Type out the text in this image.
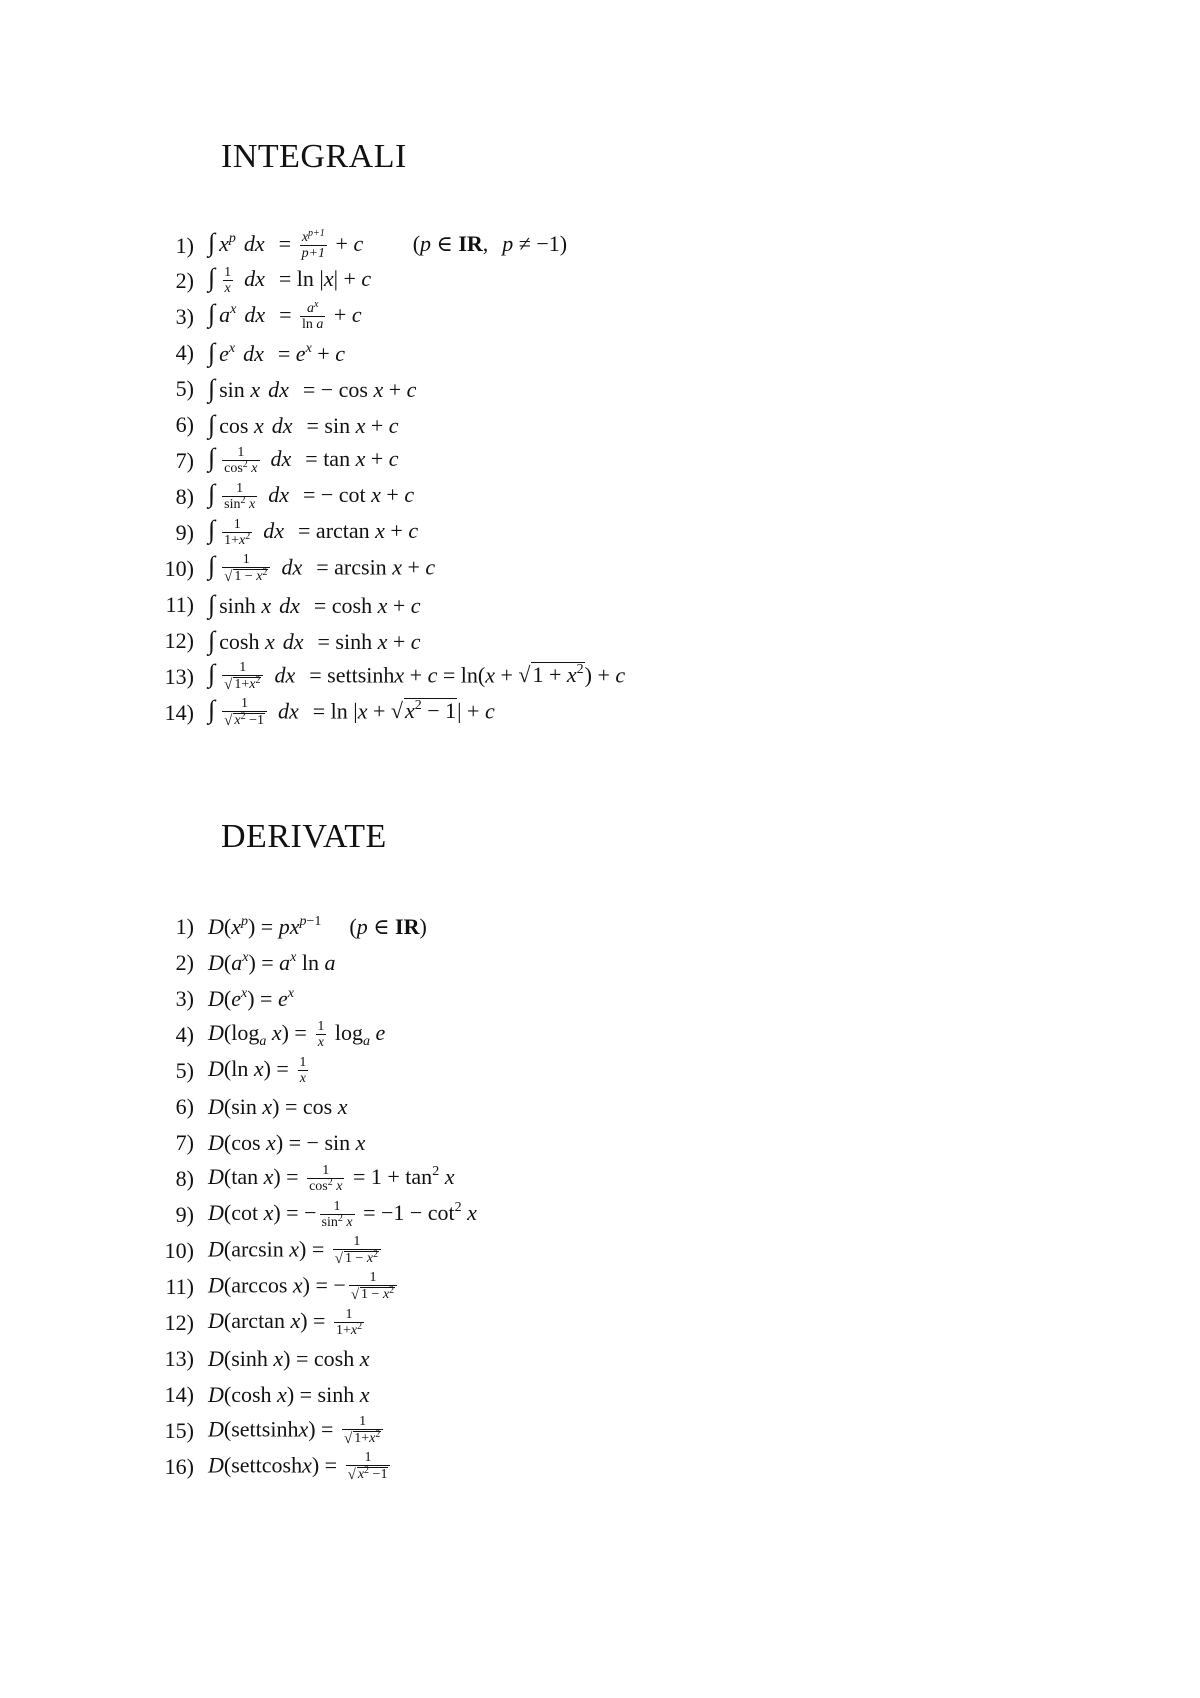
INTEGRALI
1) ∫ $x^p$ dx = $\frac{x^{p+1}}{p+1} + c$ (p ∈ IR, p ≠ −1)
2) ∫ $\frac{1}{x}$ dx = ln |x| + c
3) ∫ $a^x$ dx = $\frac{a^x}{\text{ln a}} + c$
4) ∫ $e^x$ dx = $e^x + c$
5) ∫ sin x dx = − cos x + c
6) ∫ cos x dx = sin x + c
7) ∫ $\frac{1}{\cos^2 x}$ dx = tan x + c
8) ∫ $\frac{1}{\sin^2 x}$ dx = − cot x + c
9) ∫ $\frac{1}{1+x^2}$ dx = arctan x + c
10) ∫ $\frac{1}{√ 1 - x^2}$ dx = arcsin x + c
11) ∫ sinh x dx = cosh x + c
12) ∫ cosh x dx = sinh x + c
13) ∫ $\frac{1}{√ 1+x^2}$ dx = settsinhx + c = ln(x + √ $1 + x^2$ ) + c
14) ∫ $\frac{1}{√ x^2 -1}$ dx = ln |x + √ $x^2 - 1$ | + c
DERIVATE
1) $D(x^p) = px^{p-1}$ (p ∈ IR)
2) $D(a^x) = a^x$ ln a
3) $D(e^x) = e^x$
4) $D(\log_a$ $x) = \frac{1}{x} \log_a e$
5) D(ln $x) = \frac{1}{x}$
6) D(sin x) = cos x
7) D(cos x) = − sin x
8) D(tan $x) = \frac{1}{\cos^2 x} = 1 + \tan^2 x$
9) D(cot x) = − $\frac{1}{\sin^2 x} = -1 - \cot^2 x$
10) D(arcsin $x) = \frac{1}{√ 1 - x^2}$
11) D(arccos x) = − $\frac{1}{√ 1 - x^2}$
12) D(arctan $x) = \frac{1}{1+x^2}$
13) D(sinh x) = cosh x
14) D(cosh x) = sinh x
15) D(settsinhx) = $\frac{1}{√ 1+x^2}$
16) D(settcoshx) = $\frac{1}{√ x^2 -1}$
